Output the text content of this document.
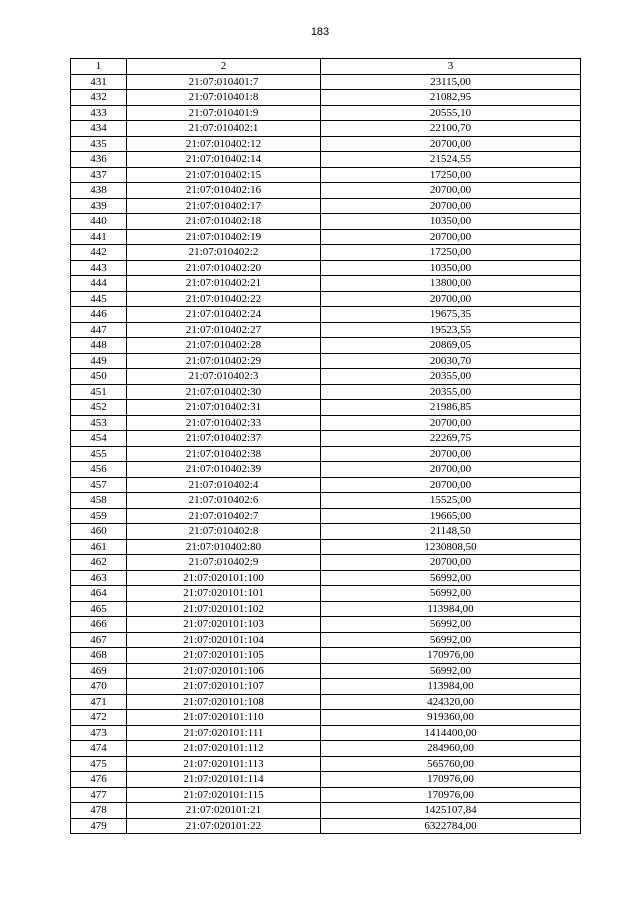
183
1	2	3
431	21:07:010401:7	23115,00
432	21:07:010401:8	21082,95
433	21:07:010401:9	20555,10
434	21:07:010402:1	22100,70
435	21:07:010402:12	20700,00
436	21:07:010402:14	21524,55
437	21:07:010402:15	17250,00
438	21:07:010402:16	20700,00
439	21:07:010402:17	20700,00
440	21:07:010402:18	10350,00
441	21:07:010402:19	20700,00
442	21:07:010402:2	17250,00
443	21:07:010402:20	10350,00
444	21:07:010402:21	13800,00
445	21:07:010402:22	20700,00
446	21:07:010402:24	19675,35
447	21:07:010402:27	19523,55
448	21:07:010402:28	20869,05
449	21:07:010402:29	20030,70
450	21:07:010402:3	20355,00
451	21:07:010402:30	20355,00
452	21:07:010402:31	21986,85
453	21:07:010402:33	20700,00
454	21:07:010402:37	22269,75
455	21:07:010402:38	20700,00
456	21:07:010402:39	20700,00
457	21:07:010402:4	20700,00
458	21:07:010402:6	15525,00
459	21:07:010402:7	19665,00
460	21:07:010402:8	21148,50
461	21:07:010402:80	1230808,50
462	21:07:010402:9	20700,00
463	21:07:020101:100	56992,00
464	21:07:020101:101	56992,00
465	21:07:020101:102	113984,00
466	21:07:020101:103	56992,00
467	21:07:020101:104	56992,00
468	21:07:020101:105	170976,00
469	21:07:020101:106	56992,00
470	21:07:020101:107	113984,00
471	21:07:020101:108	424320,00
472	21:07:020101:110	919360,00
473	21:07:020101:111	1414400,00
474	21:07:020101:112	284960,00
475	21:07:020101:113	565760,00
476	21:07:020101:114	170976,00
477	21:07:020101:115	170976,00
478	21:07:020101:21	1425107,84
479	21:07:020101:22	6322784,00
